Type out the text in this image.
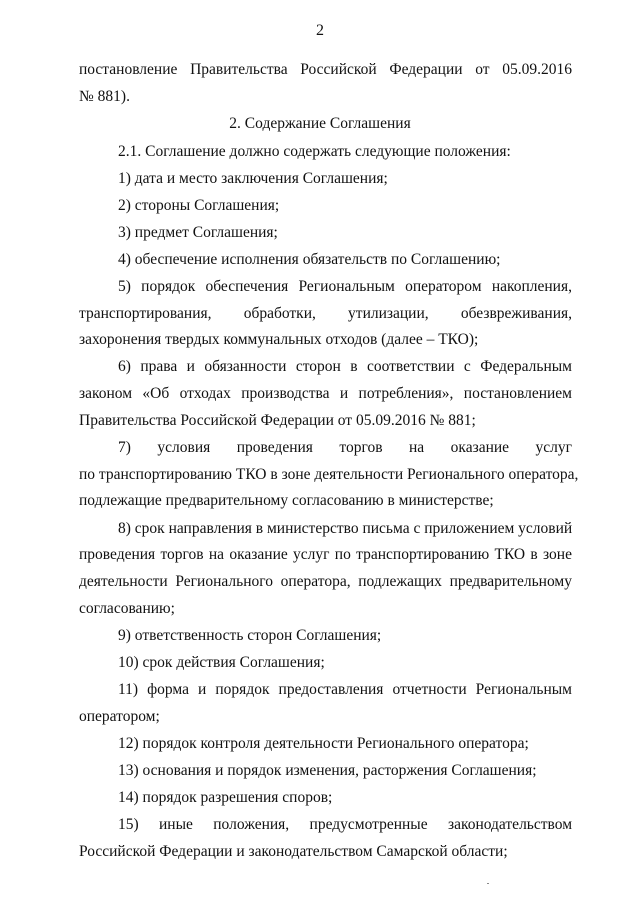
2
постановление Правительства Российской Федерации от 05.09.2016
№ 881).
2. Содержание Соглашения
2.1. Соглашение должно содержать следующие положения:
1) дата и место заключения Соглашения;
2) стороны Соглашения;
3) предмет Соглашения;
4) обеспечение исполнения обязательств по Соглашению;
5) порядок обеспечения Региональным оператором накопления,
транспортирования, обработки, утилизации, обезвреживания,
захоронения твердых коммунальных отходов (далее – ТКО);
6) права и обязанности сторон в соответствии с Федеральным
законом «Об отходах производства и потребления», постановлением
Правительства Российской Федерации от 05.09.2016 № 881;
7) условия проведения торгов на оказание услуг
по транспортированию ТКО в зоне деятельности Регионального оператора,
подлежащие предварительному согласованию в министерстве;
8) срок направления в министерство письма с приложением условий
проведения торгов на оказание услуг по транспортированию ТКО в зоне
деятельности Регионального оператора, подлежащих предварительному
согласованию;
9) ответственность сторон Соглашения;
10) срок действия Соглашения;
11) форма и порядок предоставления отчетности Региональным
оператором;
12) порядок контроля деятельности Регионального оператора;
13) основания и порядок изменения, расторжения Соглашения;
14) порядок разрешения споров;
15) иные положения, предусмотренные законодательством
Российской Федерации и законодательством Самарской области;
